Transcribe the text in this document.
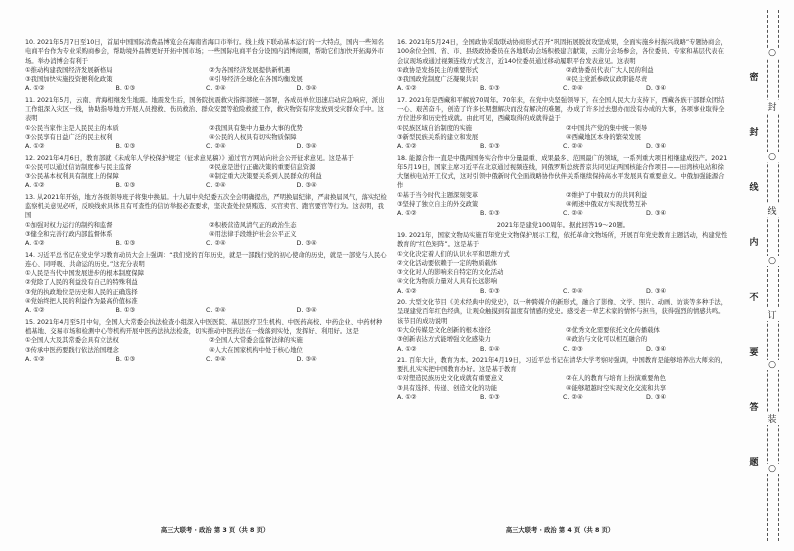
10. 2021年5月7日至10日，首届中国国际消费品博览会在海南省海口市举行。线上线下联动基本运行的一大特点，国内一些知名电商平台作为专业采购商参会，帮助境外品牌更好开拓中国市场；一些国际电商平台分设国内消博商圈，帮助它们加快开拓海外市场。举办消博会有利于
①推动构建我国经济发展新格局	②为各国经济发展提供新机遇
③我国加快实施投资便利化政策	④引导经济全球化在各国均衡发展
A. ①②	B. ①③	C. ②④	D. ③④
11. 2021年5月，云南、青海相继发生地震。地震发生后，国务院抗震救灾指挥部统一部署，各成员单位迅速启动应急响应，派出工作组深入灾区一线，协助指导地方开展人员搜救、伤员救治、群众安置等抢险救援工作，救灾物资有序发放到受灾群众手中。这表明
①公民当家作主是人民民主的本质	②我国具有集中力量办大事的优势
③公民享有日益广泛的民主权利	④公民的人权具有切实物质保障
A. ①②	B. ①③	C. ②④	D. ③④
12. 2021年4月6日，教育部就《未成年人学校保护规定（征求意见稿）》通过官方网站向社会公开征求意见。这是基于
①公民可以通过信访制度参与民主监督	②民意是进行正确决策的重要信息资源
③公民基本权利具有制度上的保障	④制定重大决策要关系到人民群众的利益
A. ①②	B. ①③	C. ②④	D. ③④
13. 从2021年开始，地方各级领导班子将集中换届。十九届中央纪委五次全会明确提出，严明换届纪律，严肃换届风气，落实纪检监察机关意见必听，反映线索具体且有可查性的信访举报必查要求，坚决查处拉票贿选、买官卖官、跑官要官等行为。这表明，我国
①加强对权力运行的制约和监督	②积极营造风清气正的政治生态
③健全和完善行政内部监督体系	④用法律手段维护社会公平正义
A. ①②	B. ①③	C. ②④	D. ③④
14. 习近平总书记在党史学习教育动员大会上强调：“我们党的百年历史，就是一部践行党的初心使命的历史，就是一部党与人民心连心、同呼吸、共命运的历史。”这充分表明
①人民是当代中国发展进步的根本制度保障
②党除了人民的利益没有自己的特殊利益
③党的执政地位是历史和人民的正确选择
④党始终把人民的利益作为最高价值标准
A. ①②	B. ①③	C. ②④	D. ③④
15. 2021年4月至5月中旬，全国人大常委会执法检查小组深入中医医院、基层医疗卫生机构、中医药高校、中药企业、中药材种植基地、交易市场和检测中心等机构开展中医药法执法检查，切实推动中医药法在一线落到实处，发挥好、利用好。这是
①全国人大及其常委会具有立法权	②全国人大常委会监督法律的实施
③传承中医药要践行依法治国理念	④人大在国家机构中处于核心地位
A. ①②	B. ①③	C. ②④	D. ③④
16. 2021年5月24日，全国政协采取联动协商形式召开“巩固拓展脱贫攻坚成果，全面实施乡村振兴战略”专题协商会，100余位全国、省、市、县级政协委员在各地联动会场积极建言献策，云南分会场参会，各位委员、专家和基层代表在会议现场或通过视频连线方式发言，近140位委员通过移动履职平台发表意见。这表明
①政协是发扬民主的重要形式	②政协委员代表广大人民的利益
③我国政党制度广泛凝聚共识	④民主党派参政议政职能尽责
A. ①②	B. ①③	C. ②④	D. ③④
17. 2021年是西藏和平解放70周年。70年来，在党中央坚强领导下，在全国人民大力支持下，西藏各族干部群众团结一心、艰苦奋斗，创造了许多长期想解决而没有解决的难题，办成了许多过去想办而没有办成的大事，各项事业取得全方位进步和历史性成就。由此可见，西藏取得的成就得益于
①民族区域自治制度的实施	②中国共产党的集中统一领导
③新型民族关系的建立和发展	④西藏地区本身的繁荣发展
A. ①②	B. ①③	C. ②④	D. ③④
18. 能源合作一直是中俄两国务实合作中分量最重、成果最多、范围最广的领域，一系列重大项目相继建成投产。2021年5月19日，国家主席习近平在北京通过视频连线，同俄罗斯总统普京共同见证两国核能合作项目——田湾核电站和徐大堡核电站开工仪式，这对引领中俄新时代全面战略协作伙伴关系继续保持高水平发展具有重要意义。中俄加强能源合作
①基于当今时代主题深刻变革	②维护了中俄双方的共同利益
③坚持了独立自主的外交政策	④阐述中俄双方实现优势互补
A. ①②	B. ①③	C. ②④	D. ③④
2021年是建党100周年。据此回答19～20题。
19. 2021年，国家文物局实施百年党史文物保护展示工程，依托革命文物场所，开展百年党史教育主题活动，构建党性教育的“红色矩阵”。这是基于
①文化决定着人们的认识水平和思维方式
②文化活动要依赖于一定的物质载体
③文化对人的影响来自特定的文化活动
④文化为物质力量对人具有长远影响
A. ①②	B. ①③	C. ②④	D. ③④
20. 大型文化节目《美术经典中的党史》，以一种跨媒介的新形式，融合了影像、文学、照片、动画、访谈等多种手法，呈现建党百年红色经典，让观众触摸到有温度有情感的党史。感受老一辈艺术家的情怀与担当，获得强烈的情感共鸣。该节目的成功说明
①大众传媒是文化创新的根本途径	②优秀文化需要依托文化传播载体
③创新表达方式能增强文化感染力	④政治与文化可以相互融合的
A. ①②	B. ①④	C. ②③	D. ③④
21. 百年大计，教育为本。2021年4月19日，习近平总书记在清华大学考察时强调，中国教育是能够培养出大师来的，要扎扎实实把中国教育办好。这是基于教育
①对塑造民族历史文化成就有重要意义	②在人的教育与培育上扮演重要角色
③具有选择、传递、创造文化的功能	④能够超越时空实现文化交流和共享
A. ①②	B. ①③	C. ②④	D. ③④
高三大联考 · 政治 第 3 页（共 8 页）	高三大联考 · 政治 第 4 页（共 8 页）
密
封
线
内
不
要
答
题
○
封
○
线
○
订
○
装
○
